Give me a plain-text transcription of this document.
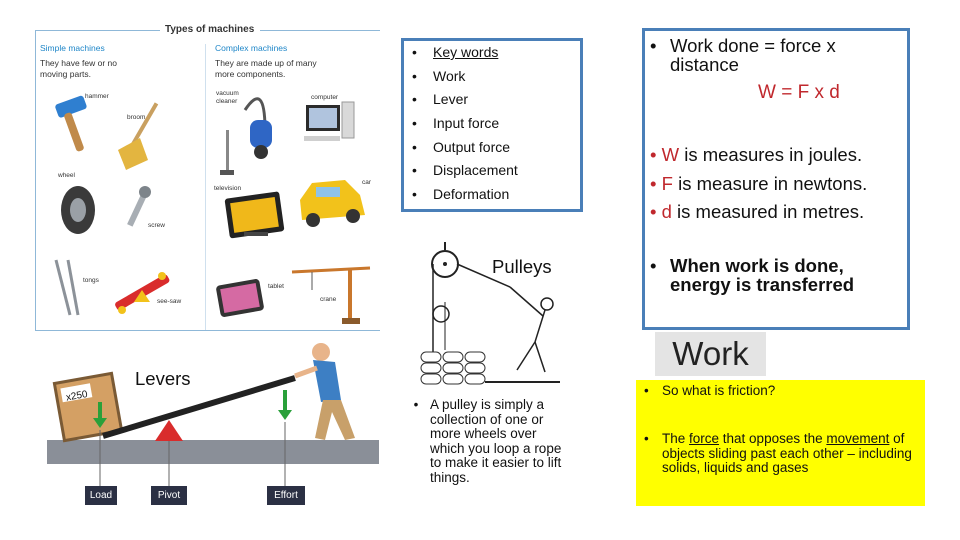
Types of machines
Simple machines	Complex machines
They have few or no
moving parts.
They are made up of many
more components.
hammer
broom
wheel
screw
tongs
see-saw
vacuum
cleaner
computer
television
car
tablet
crane
• Key words
• Work
• Lever
• Input force
• Output force
• Displacement
• Deformation
• Work done = force x
distance
W = F x d
• W is measures in joules.
• F is measure in newtons.
• d is measured in metres.
• When work is done,
energy is transferred
Work
• So what is friction?
• The force that opposes the movement of objects sliding past each other – including solids, liquids and gases
Pulleys
• A pulley is simply a collection of one or more wheels over which you loop a rope to make it easier to lift things.
Levers
x250
Load	Pivot	Effort
